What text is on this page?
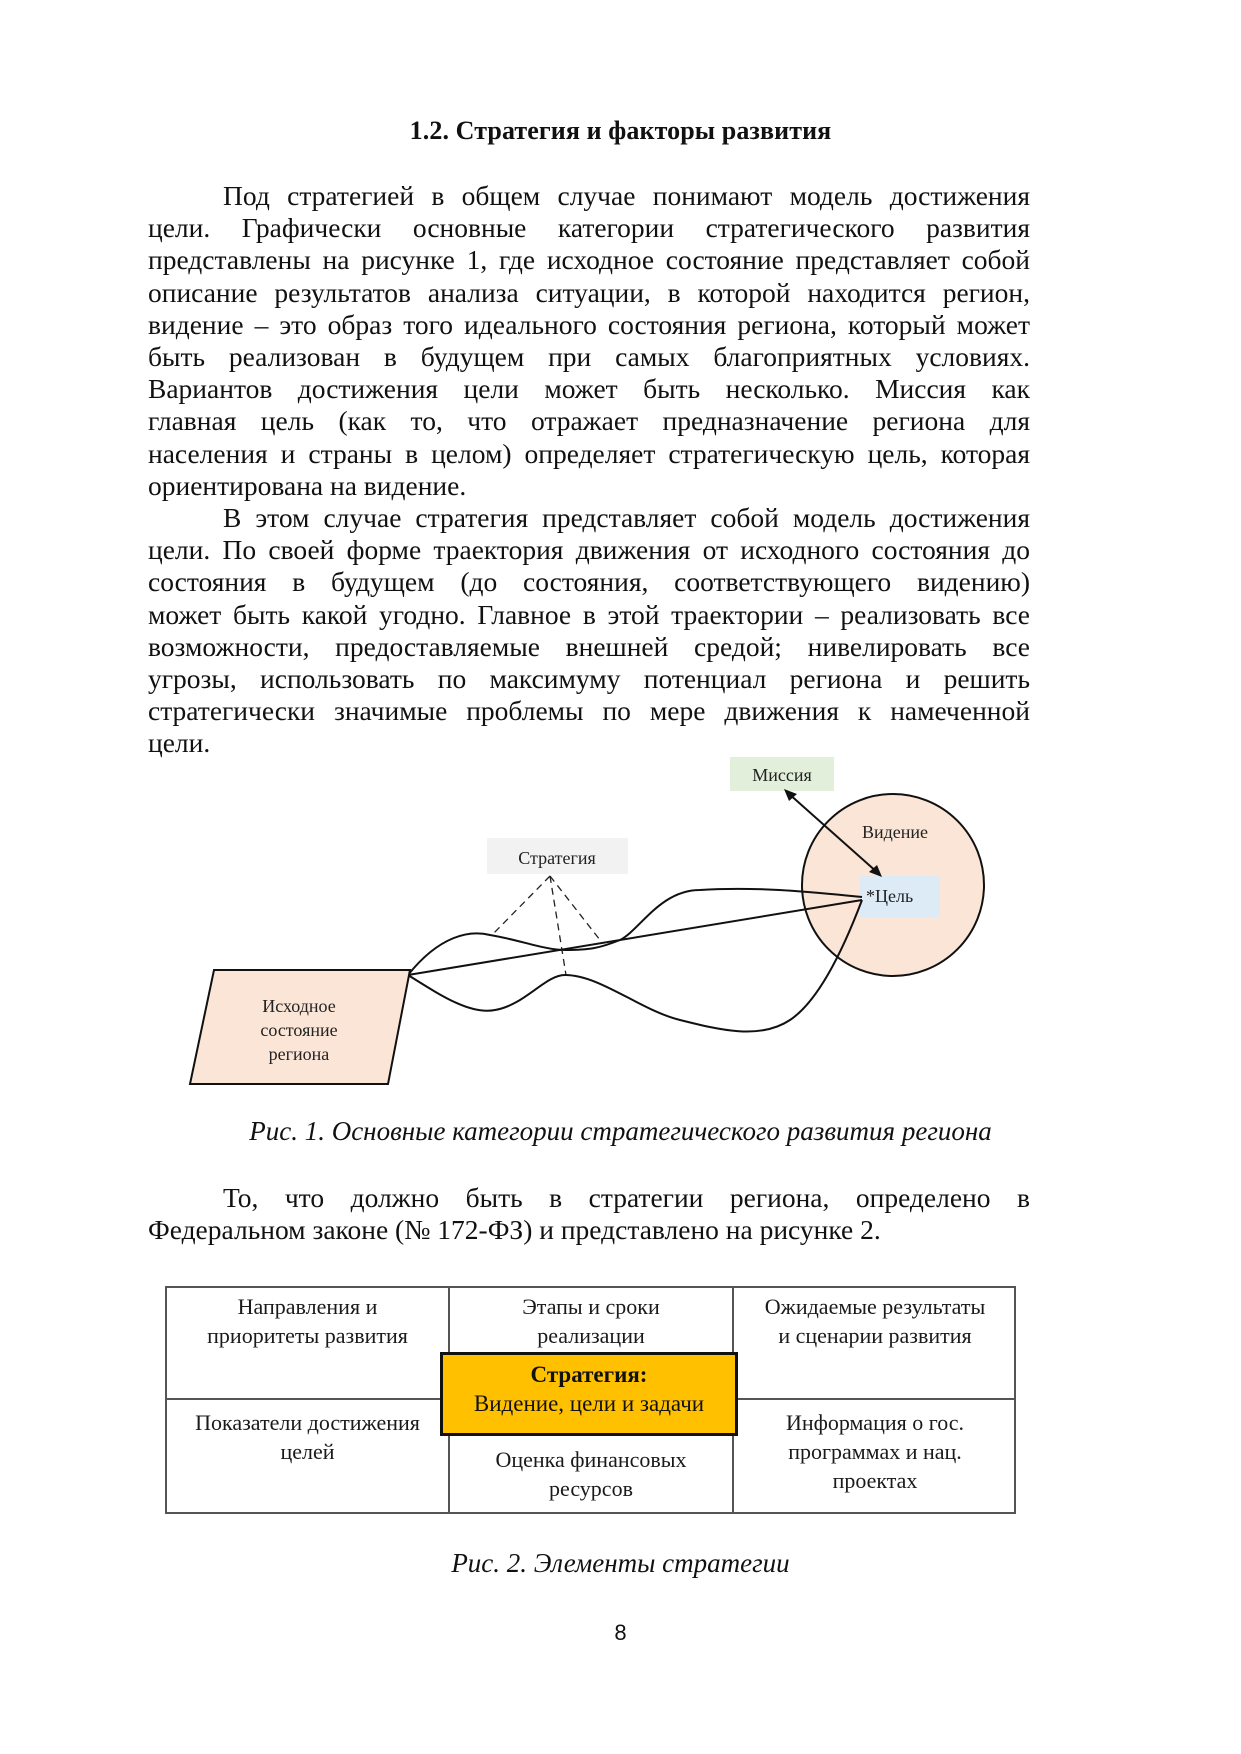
1.2. Стратегия и факторы развития
Под стратегией в общем случае понимают модель достижения
цели. Графически основные категории стратегического развития
представлены на рисунке 1, где исходное состояние представляет собой
описание результатов анализа ситуации, в которой находится регион,
видение – это образ того идеального состояния региона, который может
быть реализован в будущем при самых благоприятных условиях.
Вариантов достижения цели может быть несколько. Миссия как
главная цель (как то, что отражает предназначение региона для
населения и страны в целом) определяет стратегическую цель, которая
ориентирована на видение.
В этом случае стратегия представляет собой модель достижения
цели. По своей форме траектория движения от исходного состояния до
состояния в будущем (до состояния, соответствующего видению)
может быть какой угодно. Главное в этой траектории – реализовать все
возможности, предоставляемые внешней средой; нивелировать все
угрозы, использовать по максимуму потенциал региона и решить
стратегически значимые проблемы по мере движения к намеченной
цели.
Миссия
Видение
*Цель
Стратегия
Исходное
состояние
региона
Рис. 1. Основные категории стратегического развития региона
То, что должно быть в стратегии региона, определено в
Федеральном законе (№ 172-ФЗ) и представлено на рисунке 2.
Направления и
приоритеты развития
Этапы и сроки
реализации
Ожидаемые результаты
и сценарии развития
Показатели достижения
целей	Оценка финансовых
ресурсов
Информация о гос.
программах и нац.
проектах
Стратегия:
Видение, цели и задачи
Рис. 2. Элементы стратегии
8
